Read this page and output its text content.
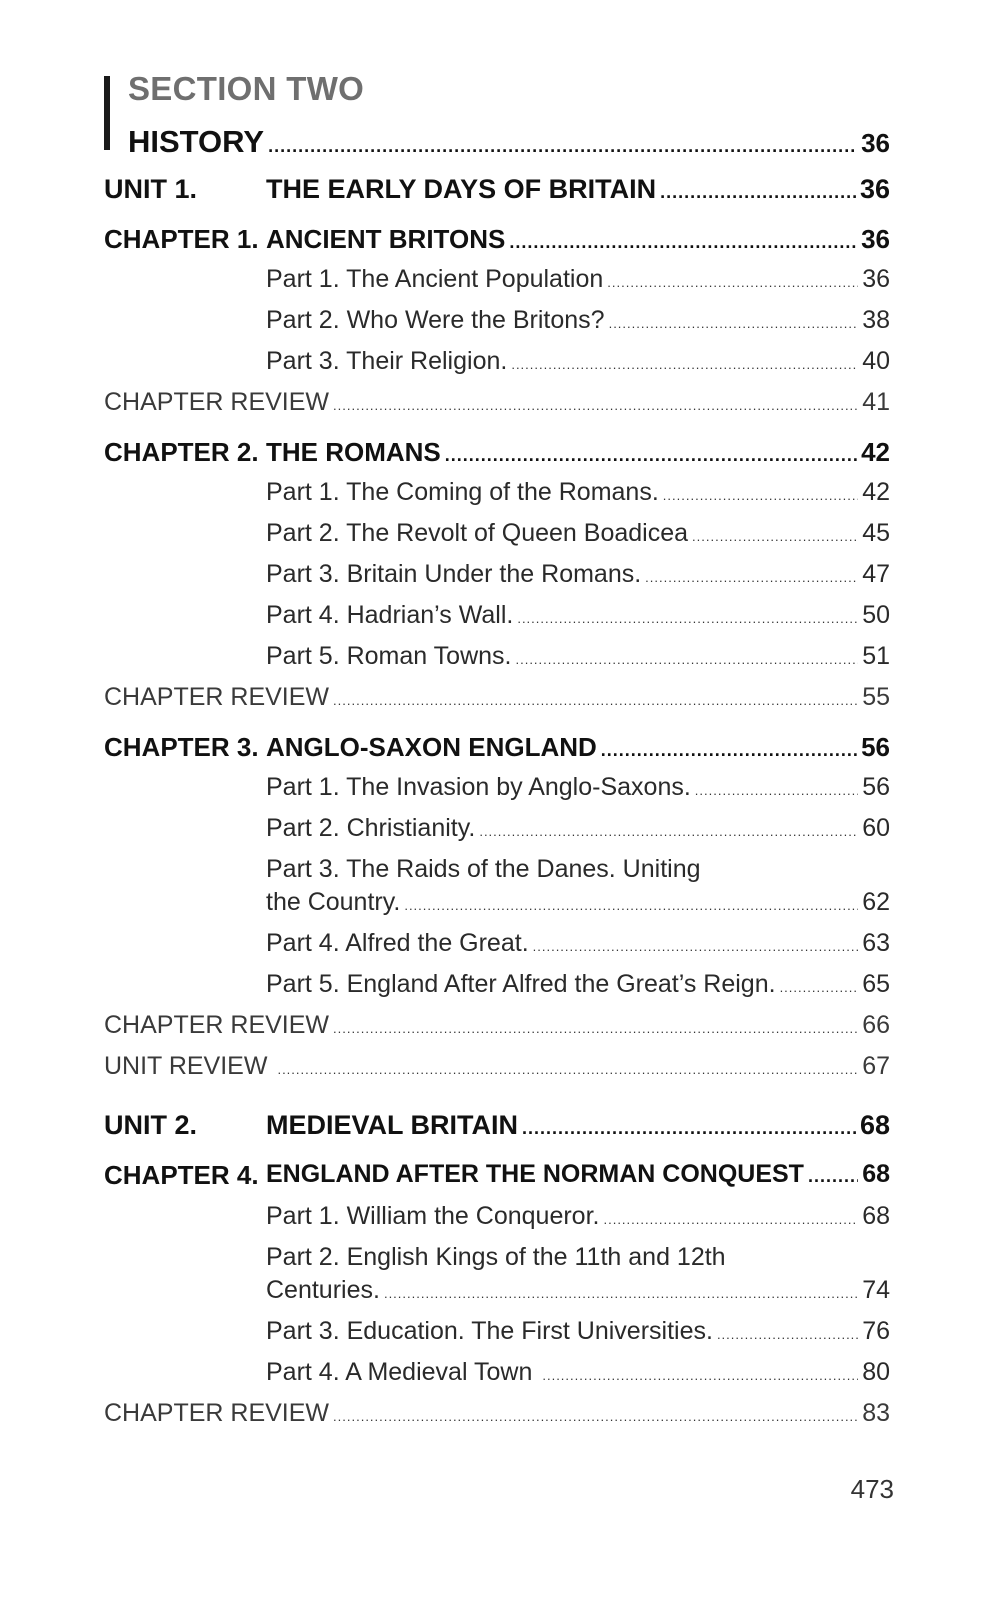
SECTION TWO
HISTORY .....	36
UNIT 1.	THE EARLY DAYS OF BRITAIN .....	36
CHAPTER 1. ANCIENT BRITONS .....	36
Part 1. The Ancient Population .....	36
Part 2. Who Were the Britons? .....	38
Part 3. Their Religion. .....	40
CHAPTER REVIEW .....	41
CHAPTER 2. THE ROMANS .....	42
Part 1. The Coming of the Romans. .....	42
Part 2. The Revolt of Queen Boadicea .....	45
Part 3. Britain Under the Romans. .....	47
Part 4. Hadrian’s Wall. .....	50
Part 5. Roman Towns. .....	51
CHAPTER REVIEW .....	55
CHAPTER 3. ANGLO-SAXON ENGLAND .....	56
Part 1. The Invasion by Anglo-Saxons. .....	56
Part 2. Christianity. .....	60
Part 3. The Raids of the Danes. Uniting
the Country. .....	62
Part 4. Alfred the Great. .....	63
Part 5. England After Alfred the Great’s Reign. .....	65
CHAPTER REVIEW .....	66
UNIT REVIEW .....	67
UNIT 2.	MEDIEVAL BRITAIN .....	68
CHAPTER 4. ENGLAND AFTER THE NORMAN CONQUEST ..... 68
Part 1. William the Conqueror. .....	68
Part 2. English Kings of the 11th and 12th
Centuries. .....	74
Part 3. Education. The First Universities. .....	76
Part 4. A Medieval Town .....	80
CHAPTER REVIEW .....	83
473
